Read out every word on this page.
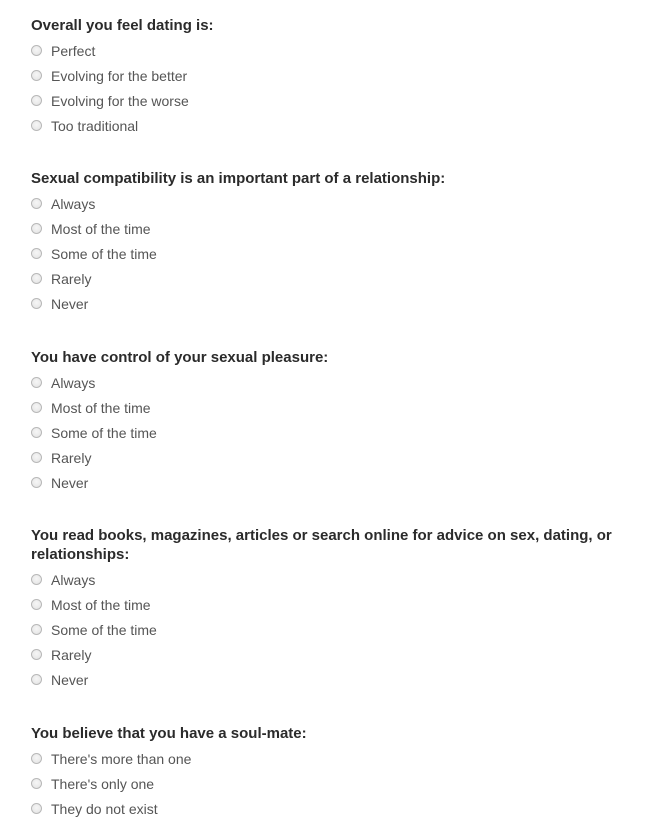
Overall you feel dating is:

Perfect
Evolving for the better
Evolving for the worse
Too traditional

Sexual compatibility is an important part of a relationship:

Always
Most of the time
Some of the time
Rarely
Never

You have control of your sexual pleasure:

Always
Most of the time
Some of the time
Rarely
Never

You read books, magazines, articles or search online for advice on sex, dating, or relationships:

Always
Most of the time
Some of the time
Rarely
Never

You believe that you have a soul-mate:

There's more than one
There's only one
They do not exist
